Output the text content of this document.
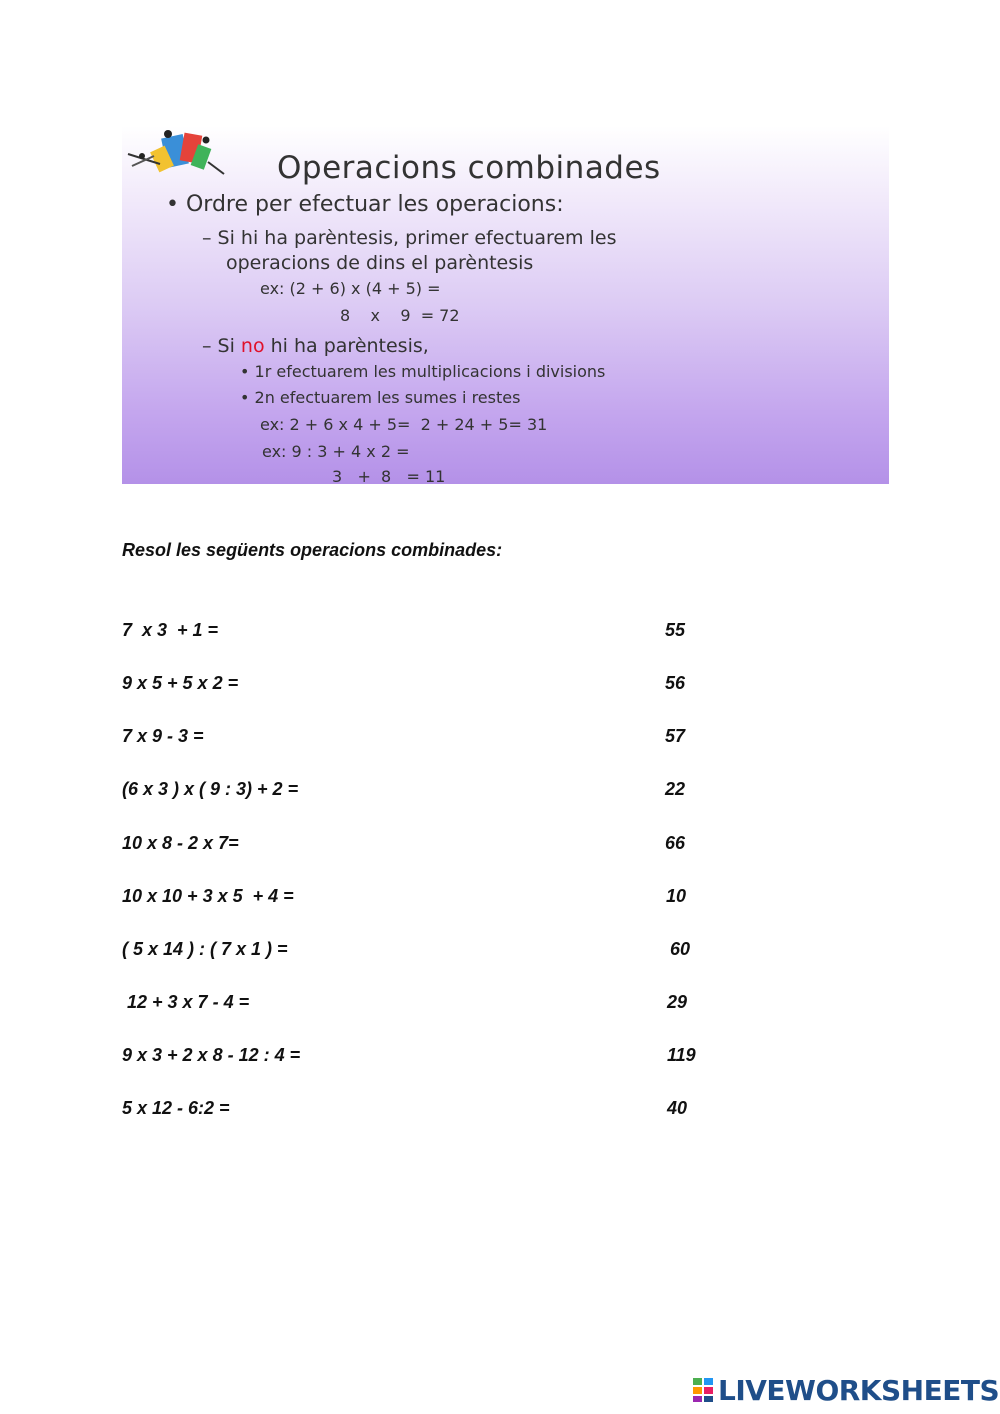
Operacions combinades
• Ordre per efectuar les operacions:
– Si hi ha parèntesis, primer efectuarem les
operacions de dins el parèntesis
ex: (2 + 6) x (4 + 5) =
8    x    9  = 72
– Si no hi ha parèntesis,
• 1r efectuarem les multiplicacions i divisions
• 2n efectuarem les sumes i restes
ex: 2 + 6 x 4 + 5=  2 + 24 + 5= 31
ex: 9 : 3 + 4 x 2 =
3   +  8   = 11
Resol les següents operacions combinades:
7  x 3  + 1 =	55
9 x 5 + 5 x 2 =	56
7 x 9 - 3 =	57
(6 x 3 ) x ( 9 : 3) + 2 =	22
10 x 8 - 2 x 7=	66
10 x 10 + 3 x 5  + 4 =	10
( 5 x 14 ) : ( 7 x 1 ) =	60
12 + 3 x 7 - 4 =	29
9 x 3 + 2 x 8 - 12 : 4 =	119
5 x 12 - 6:2 =	40
LIVEWORKSHEETS
